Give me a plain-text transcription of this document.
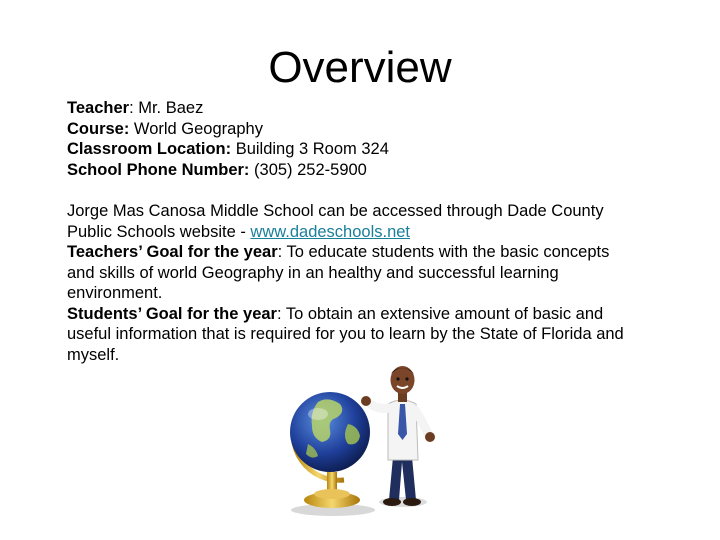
Overview

Teacher: Mr. Baez

Course: World Geography

Classroom Location: Building 3 Room 324

School Phone Number: (305) 252-5900

Jorge Mas Canosa Middle School can be accessed through Dade County Public Schools website - www.dadeschools.net

Teachers’ Goal for the year: To educate students with the basic concepts and skills of world Geography in an healthy and successful learning environment.

Students’ Goal for the year: To obtain an extensive amount of basic and useful information that is required for you to learn by the State of Florida and myself.
